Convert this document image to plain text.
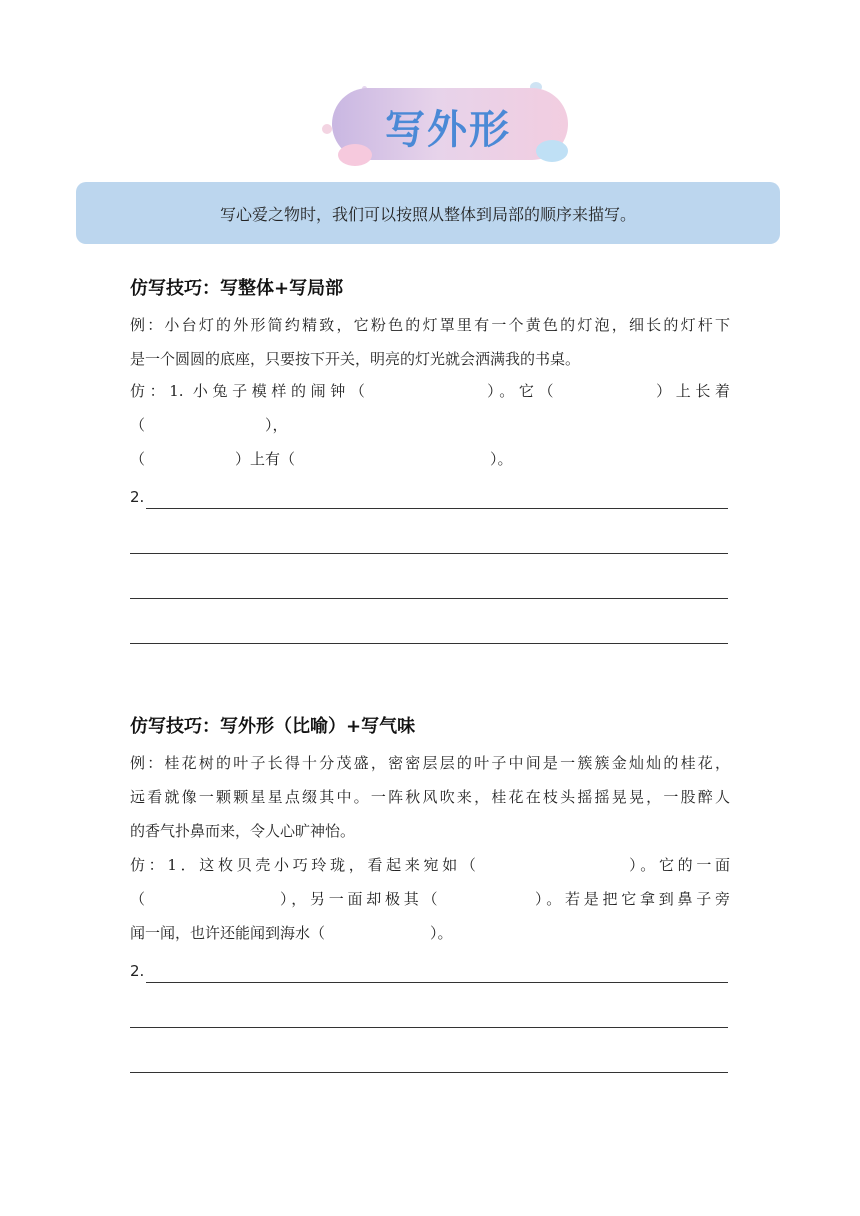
写外形
写心爱之物时，我们可以按照从整体到局部的顺序来描写。
仿写技巧：写整体+写局部
例：小台灯的外形简约精致，它粉色的灯罩里有一个黄色的灯泡，细长的灯杆下
是一个圆圆的底座，只要按下开关，明亮的灯光就会洒满我的书桌。
仿：1. 小兔子模样的闹钟（　　　　　　）。它（　　　　　）上长着
（　　　　　　　　），
（　　　　　　）上有（　　　　　　　　　　　　　）。
2.
仿写技巧：写外形（比喻）+写气味
例：桂花树的叶子长得十分茂盛，密密层层的叶子中间是一簇簇金灿灿的桂花，
远看就像一颗颗星星点缀其中。一阵秋风吹来，桂花在枝头摇摇晃晃，一股醉人
的香气扑鼻而来，令人心旷神怡。
仿：1．这枚贝壳小巧玲珑，看起来宛如（　　　　　　　　）。它的一面
（　　　　　　　），另一面却极其（　　　　　）。若是把它拿到鼻子旁
闻一闻，也许还能闻到海水（　　　　　　　）。
2.
